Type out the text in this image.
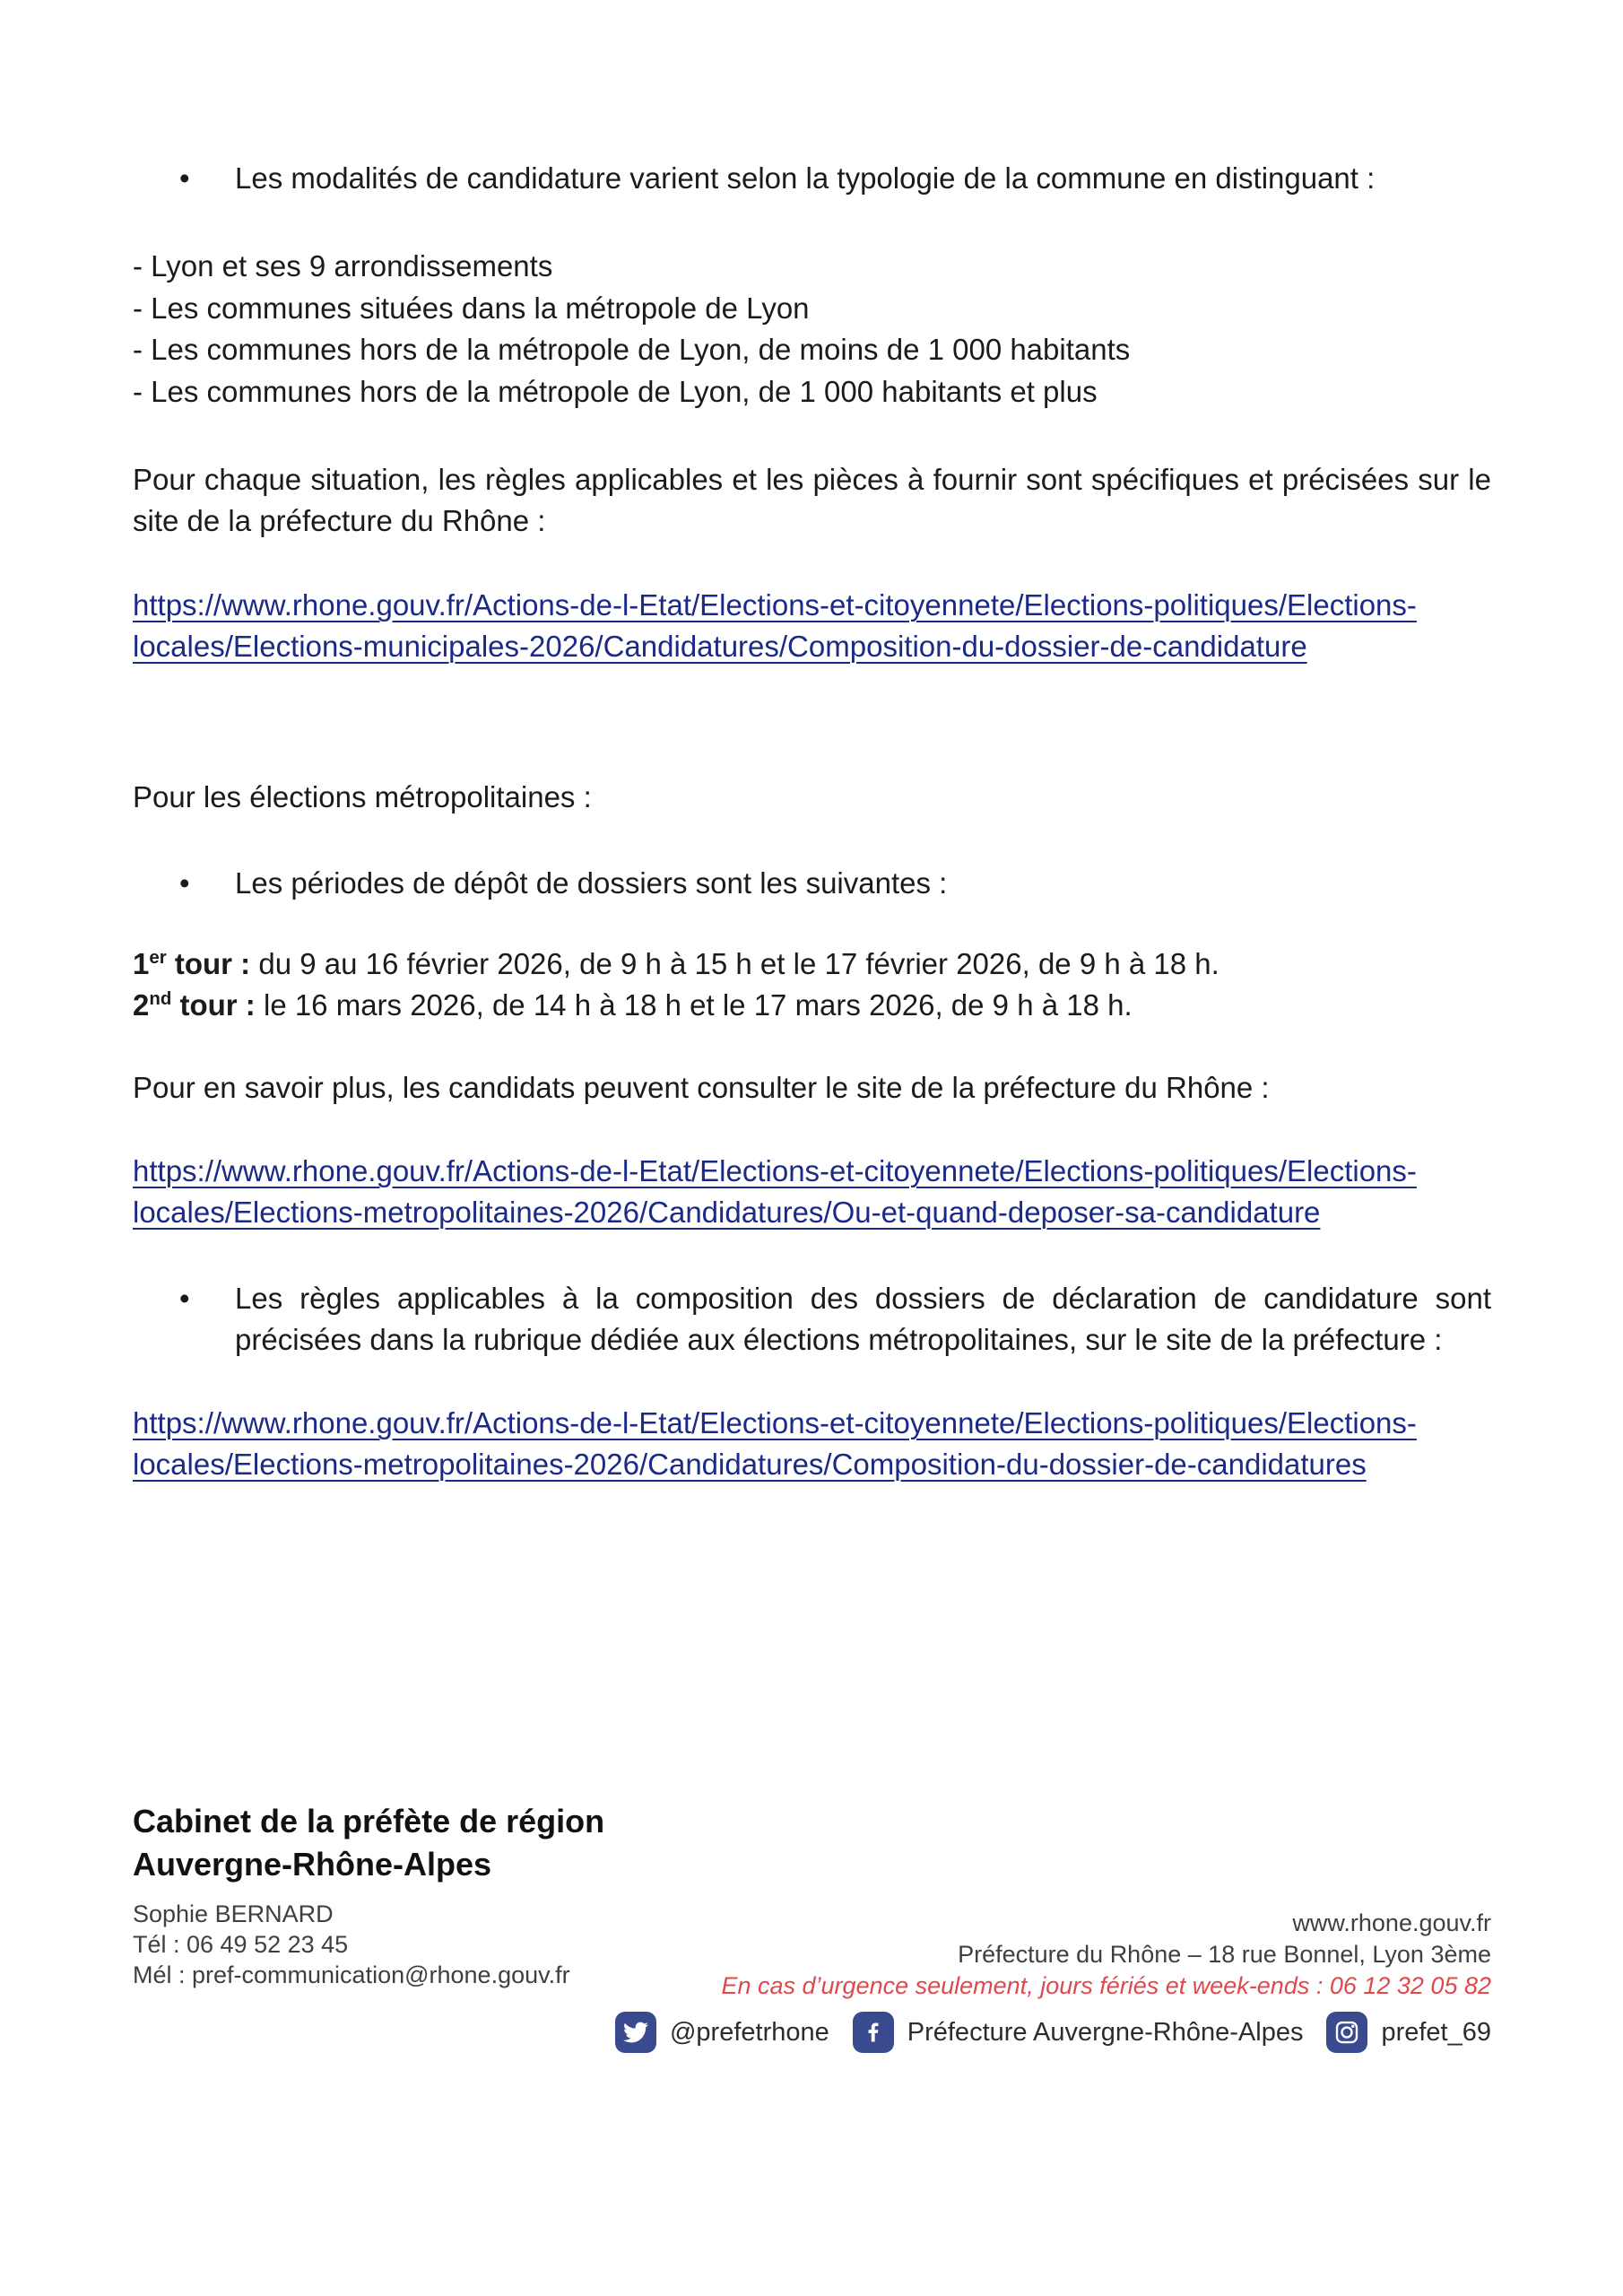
Les modalités de candidature varient selon la typologie de la commune en distinguant :
- Lyon et ses 9 arrondissements
- Les communes situées dans la métropole de Lyon
- Les communes hors de la métropole de Lyon, de moins de 1 000 habitants
- Les communes hors de la métropole de Lyon, de 1 000 habitants et plus
Pour chaque situation, les règles applicables et les pièces à fournir sont spécifiques et précisées sur le site de la préfecture du Rhône :
https://www.rhone.gouv.fr/Actions-de-l-Etat/Elections-et-citoyennete/Elections-politiques/Elections-locales/Elections-municipales-2026/Candidatures/Composition-du-dossier-de-candidature
Pour les élections métropolitaines :
Les périodes de dépôt de dossiers sont les suivantes :
1er tour : du 9 au 16 février 2026, de 9 h à 15 h et le 17 février 2026, de 9 h à 18 h.
2nd tour : le 16 mars 2026, de 14 h à 18 h et le 17 mars 2026, de 9 h à 18 h.
Pour en savoir plus, les candidats peuvent consulter le site de la préfecture du Rhône :
https://www.rhone.gouv.fr/Actions-de-l-Etat/Elections-et-citoyennete/Elections-politiques/Elections-locales/Elections-metropolitaines-2026/Candidatures/Ou-et-quand-deposer-sa-candidature
Les règles applicables à la composition des dossiers de déclaration de candidature sont précisées dans la rubrique dédiée aux élections métropolitaines, sur le site de la préfecture :
https://www.rhone.gouv.fr/Actions-de-l-Etat/Elections-et-citoyennete/Elections-politiques/Elections-locales/Elections-metropolitaines-2026/Candidatures/Composition-du-dossier-de-candidatures
Cabinet de la préfète de région
Auvergne-Rhône-Alpes
Sophie BERNARD
Tél : 06 49 52 23 45
Mél : pref-communication@rhone.gouv.fr
www.rhone.gouv.fr
Préfecture du Rhône – 18 rue Bonnel, Lyon 3ème
En cas d’urgence seulement, jours fériés et week-ends : 06 12 32 05 82
@prefetrhone	Préfecture Auvergne-Rhône-Alpes	prefet_69
